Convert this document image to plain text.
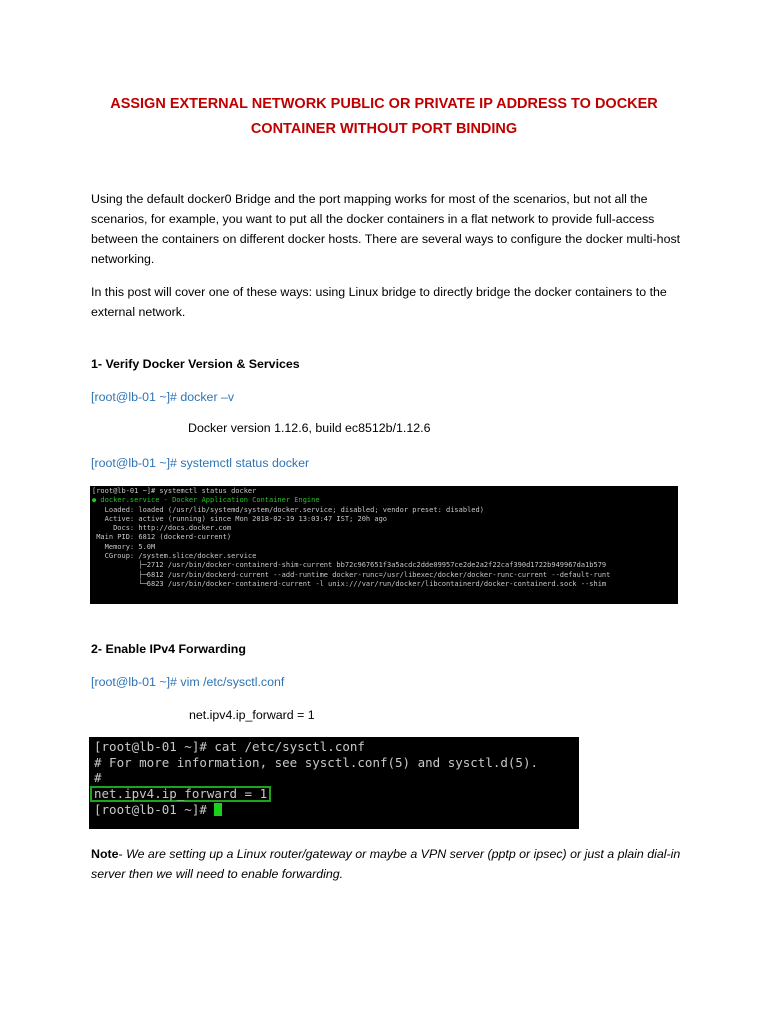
ASSIGN EXTERNAL NETWORK PUBLIC OR PRIVATE IP ADDRESS TO DOCKER
CONTAINER WITHOUT PORT BINDING

Using the default docker0 Bridge and the port mapping works for most of the scenarios, but not all the scenarios, for example, you want to put all the docker containers in a flat network to provide full-access between the containers on different docker hosts. There are several ways to configure the docker multi-host networking.

In this post will cover one of these ways: using Linux bridge to directly bridge the docker containers to the external network.

1- Verify Docker Version & Services

[root@lb-01 ~]# docker –v

Docker version 1.12.6, build ec8512b/1.12.6

[root@lb-01 ~]# systemctl status docker

[root@lb-01 ~]# systemctl status docker
● docker.service - Docker Application Container Engine
Loaded: loaded (/usr/lib/systemd/system/docker.service; disabled; vendor preset: disabled)
Active: active (running) since Mon 2018-02-19 13:03:47 IST; 20h ago
Docs: http://docs.docker.com
Main PID: 6812 (dockerd-current)
Memory: 5.0M
CGroup: /system.slice/docker.service
├─2712 /usr/bin/docker-containerd-shim-current bb72c967651f3a5acdc2dde09957ce2de2a2f22caf390d1722b949967da1b579
├─6812 /usr/bin/dockerd-current --add-runtime docker-runc=/usr/libexec/docker/docker-runc-current --default-runt
└─6823 /usr/bin/docker-containerd-current -l unix:///var/run/docker/libcontainerd/docker-containerd.sock --shim

2- Enable IPv4 Forwarding

[root@lb-01 ~]# vim /etc/sysctl.conf

net.ipv4.ip_forward = 1
[root@lb-01 ~]# cat /etc/sysctl.conf
# For more information, see sysctl.conf(5) and sysctl.d(5).
#
net.ipv4.ip_forward = 1
[root@lb-01 ~]#

Note- We are setting up a Linux router/gateway or maybe a VPN server (pptp or ipsec) or just a plain dial-in server then we will need to enable forwarding.
